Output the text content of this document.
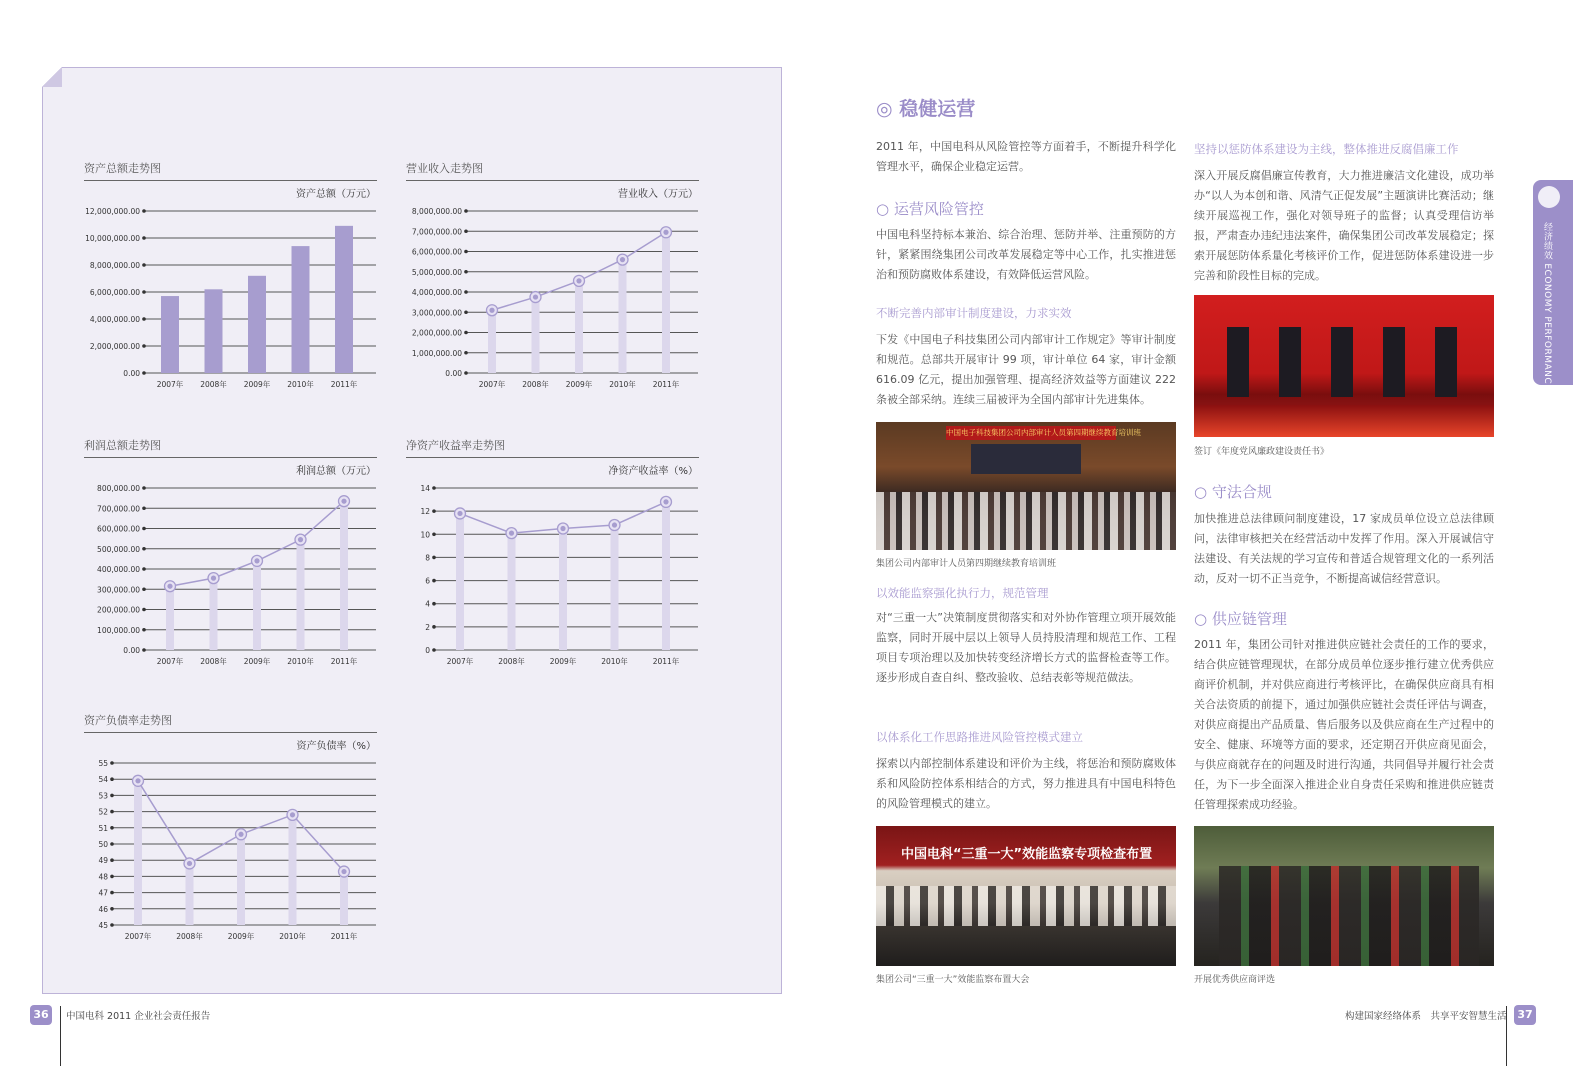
资产总额走势图	营业收入走势图
利润总额走势图	净资产收益率走势图
资产负债率走势图
资产总额（万元）
0.00
2,000,000.00
4,000,000.00
6,000,000.00
8,000,000.00
10,000,000.00
12,000,000.00
2007年 2008年 2009年 2010年 2011年
营业收入（万元）
0.00
1,000,000.00
2,000,000.00
3,000,000.00
4,000,000.00
5,000,000.00
6,000,000.00
7,000,000.00
8,000,000.00
2007年 2008年 2009年 2010年 2011年
利润总额（万元）
0.00
100,000.00
200,000.00
300,000.00
400,000.00
500,000.00
600,000.00
700,000.00
800,000.00
2007年 2008年 2009年 2010年 2011年
净资产收益率（%）
0
2
4
6
8
10
12
14
2007年	2008年	2009年	2010年	2011年
资产负债率（%）
45
46
47
48
49
50
51
52
53
54
55
2007年	2008年	2009年	2010年	2011年
◎ 稳健运营
2011 年，中国电科从风险管控等方面着手，不断提升科学化管理水平，确保企业稳定运营。
○ 运营风险管控
中国电科坚持标本兼治、综合治理、惩防并举、注重预防的方针，紧紧围绕集团公司改革发展稳定等中心工作，扎实推进惩治和预防腐败体系建设，有效降低运营风险。
不断完善内部审计制度建设，力求实效
下发《中国电子科技集团公司内部审计工作规定》等审计制度和规范。总部共开展审计 99 项，审计单位 64 家，审计金额 616.09 亿元，提出加强管理、提高经济效益等方面建议 222 条被全部采纳。连续三届被评为全国内部审计先进集体。
中国电子科技集团公司内部审计人员第四期继续教育培训班
集团公司内部审计人员第四期继续教育培训班
以效能监察强化执行力，规范管理
对“三重一大”决策制度贯彻落实和对外协作管理立项开展效能监察，同时开展中层以上领导人员持股清理和规范工作、工程项目专项治理以及加快转变经济增长方式的监督检查等工作。逐步形成自查自纠、整改验收、总结表彰等规范做法。
以体系化工作思路推进风险管控模式建立
探索以内部控制体系建设和评价为主线，将惩治和预防腐败体系和风险防控体系相结合的方式，努力推进具有中国电科特色的风险管理模式的建立。
中国电科“三重一大”效能监察专项检查布置
集团公司“三重一大”效能监察布置大会
坚持以惩防体系建设为主线，整体推进反腐倡廉工作
深入开展反腐倡廉宣传教育，大力推进廉洁文化建设，成功举办“以人为本创和谐、风清气正促发展”主题演讲比赛活动；继续开展巡视工作，强化对领导班子的监督；认真受理信访举报，严肃查办违纪违法案件，确保集团公司改革发展稳定；探索开展惩防体系量化考核评价工作，促进惩防体系建设进一步完善和阶段性目标的完成。
签订《年度党风廉政建设责任书》
○ 守法合规
加快推进总法律顾问制度建设，17 家成员单位设立总法律顾问，法律审核把关在经营活动中发挥了作用。深入开展诚信守法建设、有关法规的学习宣传和普适合规管理文化的一系列活动，反对一切不正当竞争，不断提高诚信经营意识。
○ 供应链管理
2011 年，集团公司针对推进供应链社会责任的工作的要求，结合供应链管理现状，在部分成员单位逐步推行建立优秀供应商评价机制，并对供应商进行考核评比，在确保供应商具有相关合法资质的前提下，通过加强供应链社会责任评估与调查，对供应商提出产品质量、售后服务以及供应商在生产过程中的安全、健康、环境等方面的要求，还定期召开供应商见面会，与供应商就存在的问题及时进行沟通，共同倡导并履行社会责任，为下一步全面深入推进企业自身责任采购和推进供应链责任管理探索成功经验。
开展优秀供应商评选
经济绩效 ECONOMY PERFORMANCE
36	中国电科 2011 企业社会责任报告	构建国家经络体系　共享平安智慧生活 37
